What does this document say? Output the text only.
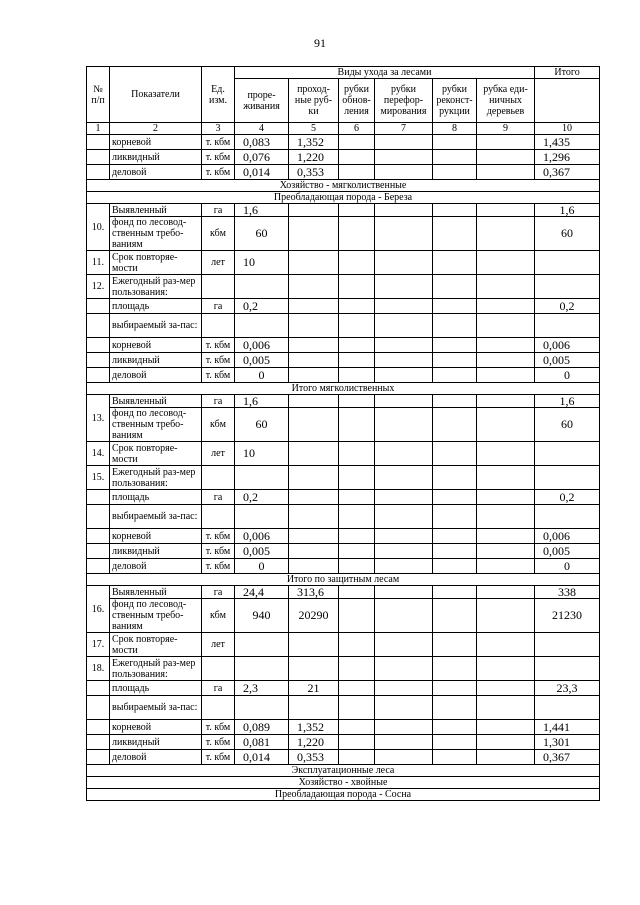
91
№ п/п	Показатели	Ед. изм.	Виды ухода за лесами						Итого
			проре-живания	проход-ные руб-ки	рубки обнов-ления	рубки перефор-мирования	рубки реконст-рукции	рубка еди-ничных деревьев	
1	2	3	4	5	6	7	8	9	10
	корневой	т. кбм	0,083	1,352					1,435
	ликвидный	т. кбм	0,076	1,220					1,296
	деловой	т. кбм	0,014	0,353					0,367
Хозяйство - мягколиственные									
Преобладающая порода - Береза									
10.	Выявленный	га	1,6						1,6
	фонд по лесовод-ственным требо-ваниям	кбм	60						60
11.	Срок повторяе-мости	лет	10						
12.	Ежегодный раз-мер пользования:								
	площадь	га	0,2						0,2
	выбираемый за-пас:								
	корневой	т. кбм	0,006						0,006
	ликвидный	т. кбм	0,005						0,005
	деловой	т. кбм	0						0
Итого мягколиственных									
13.	Выявленный	га	1,6						1,6
	фонд по лесовод-ственным требо-ваниям	кбм	60						60
14.	Срок повторяе-мости	лет	10						
15.	Ежегодный раз-мер пользования:								
	площадь	га	0,2						0,2
	выбираемый за-пас:								
	корневой	т. кбм	0,006						0,006
	ликвидный	т. кбм	0,005						0,005
	деловой	т. кбм	0						0
Итого по защитным лесам									
16.	Выявленный	га	24,4	313,6					338
	фонд по лесовод-ственным требо-ваниям	кбм	940	20290					21230
17.	Срок повторяе-мости	лет							
18.	Ежегодный раз-мер пользования:								
	площадь	га	2,3	21					23,3
	выбираемый за-пас:								
	корневой	т. кбм	0,089	1,352					1,441
	ликвидный	т. кбм	0,081	1,220					1,301
	деловой	т. кбм	0,014	0,353					0,367
Эксплуатационные леса									
Хозяйство - хвойные									
Преобладающая порода - Сосна									
